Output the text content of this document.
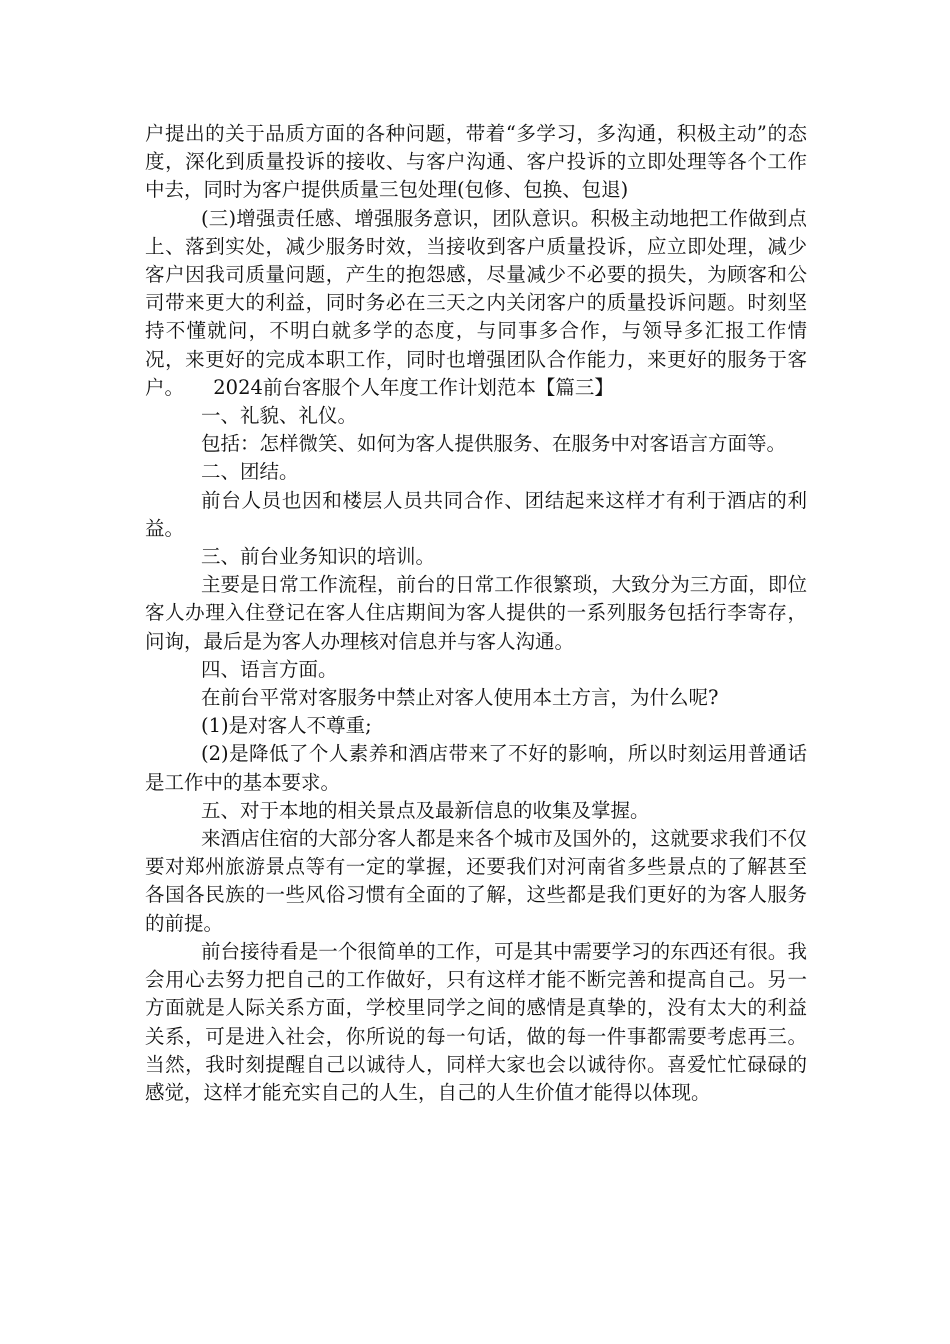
户提出的关于品质方面的各种问题，带着“多学习，多沟通，积极主动”的态度，深化到质量投诉的接收、与客户沟通、客户投诉的立即处理等各个工作中去，同时为客户提供质量三包处理(包修、包换、包退)

(三)增强责任感、增强服务意识，团队意识。积极主动地把工作做到点上、落到实处，减少服务时效，当接收到客户质量投诉，应立即处理，减少客户因我司质量问题，产生的抱怨感，尽量减少不必要的损失，为顾客和公司带来更大的利益，同时务必在三天之内关闭客户的质量投诉问题。时刻坚持不懂就问，不明白就多学的态度，与同事多合作，与领导多汇报工作情况，来更好的完成本职工作，同时也增强团队合作能力，来更好的服务于客户。　　2024前台客服个人年度工作计划范本【篇三】

一、礼貌、礼仪。

包括：怎样微笑、如何为客人提供服务、在服务中对客语言方面等。

二、团结。

前台人员也因和楼层人员共同合作、团结起来这样才有利于酒店的利益。

三、前台业务知识的培训。

主要是日常工作流程，前台的日常工作很繁琐，大致分为三方面，即位客人办理入住登记在客人住店期间为客人提供的一系列服务包括行李寄存，问询，最后是为客人办理核对信息并与客人沟通。

四、语言方面。

在前台平常对客服务中禁止对客人使用本土方言，为什么呢?

(1)是对客人不尊重;

(2)是降低了个人素养和酒店带来了不好的影响，所以时刻运用普通话是工作中的基本要求。

五、对于本地的相关景点及最新信息的收集及掌握。

来酒店住宿的大部分客人都是来各个城市及国外的，这就要求我们不仅要对郑州旅游景点等有一定的掌握，还要我们对河南省多些景点的了解甚至各国各民族的一些风俗习惯有全面的了解，这些都是我们更好的为客人服务的前提。

前台接待看是一个很简单的工作，可是其中需要学习的东西还有很。我会用心去努力把自己的工作做好，只有这样才能不断完善和提高自己。另一方面就是人际关系方面，学校里同学之间的感情是真挚的，没有太大的利益关系，可是进入社会，你所说的每一句话，做的每一件事都需要考虑再三。当然，我时刻提醒自己以诚待人，同样大家也会以诚待你。喜爱忙忙碌碌的感觉，这样才能充实自己的人生，自己的人生价值才能得以体现。
